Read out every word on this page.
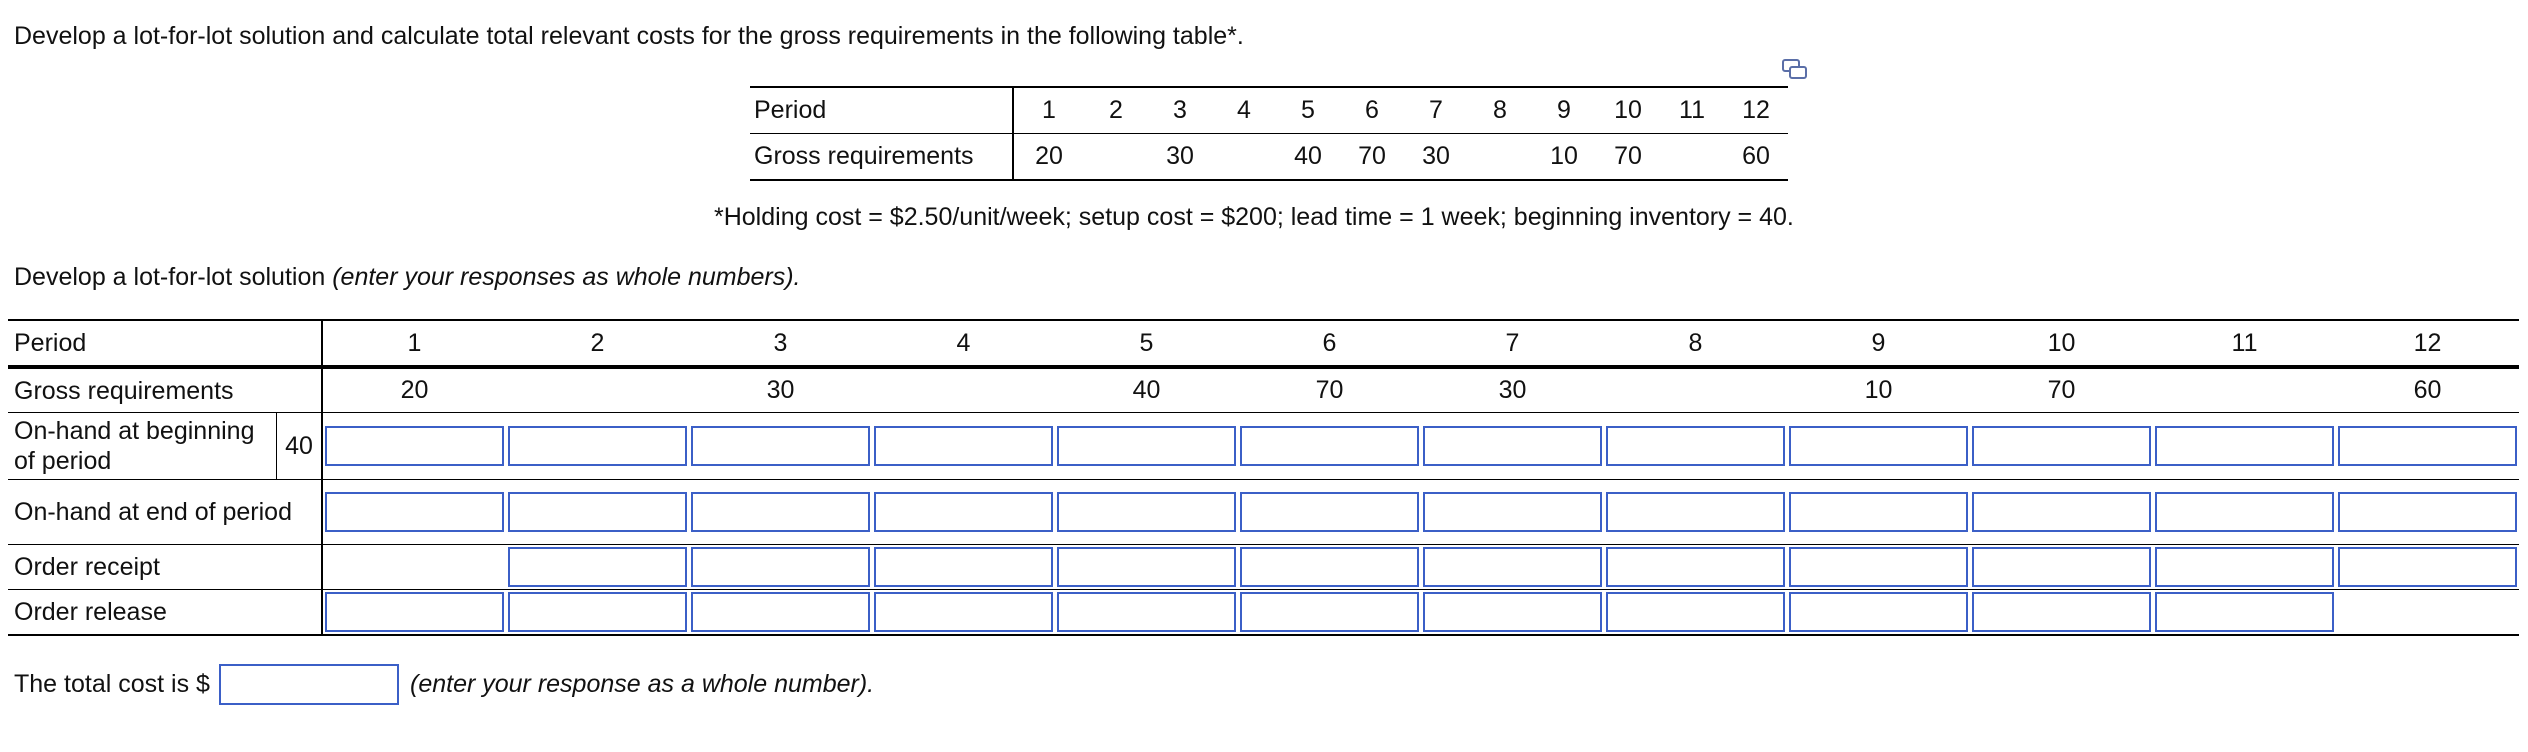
Develop a lot-for-lot solution and calculate total relevant costs for the gross requirements in the following table*.
Period	1	2	3	4	5	6	7	8	9	10	11	12
Gross requirements	20		30		40	70	30		10	70		60
*Holding cost = $2.50/unit/week; setup cost = $200; lead time = 1 week; beginning inventory = 40.
Develop a lot-for-lot solution (enter your responses as whole numbers).
Period		1	2	3	4	5	6	7	8	9	10	11	12
Gross requirements		20		30		40	70	30		10	70		60
On-hand at beginning of period	40	

On-hand at end of period	

Order receipt		

Order release	

The total cost is $	(enter your response as a whole number).
